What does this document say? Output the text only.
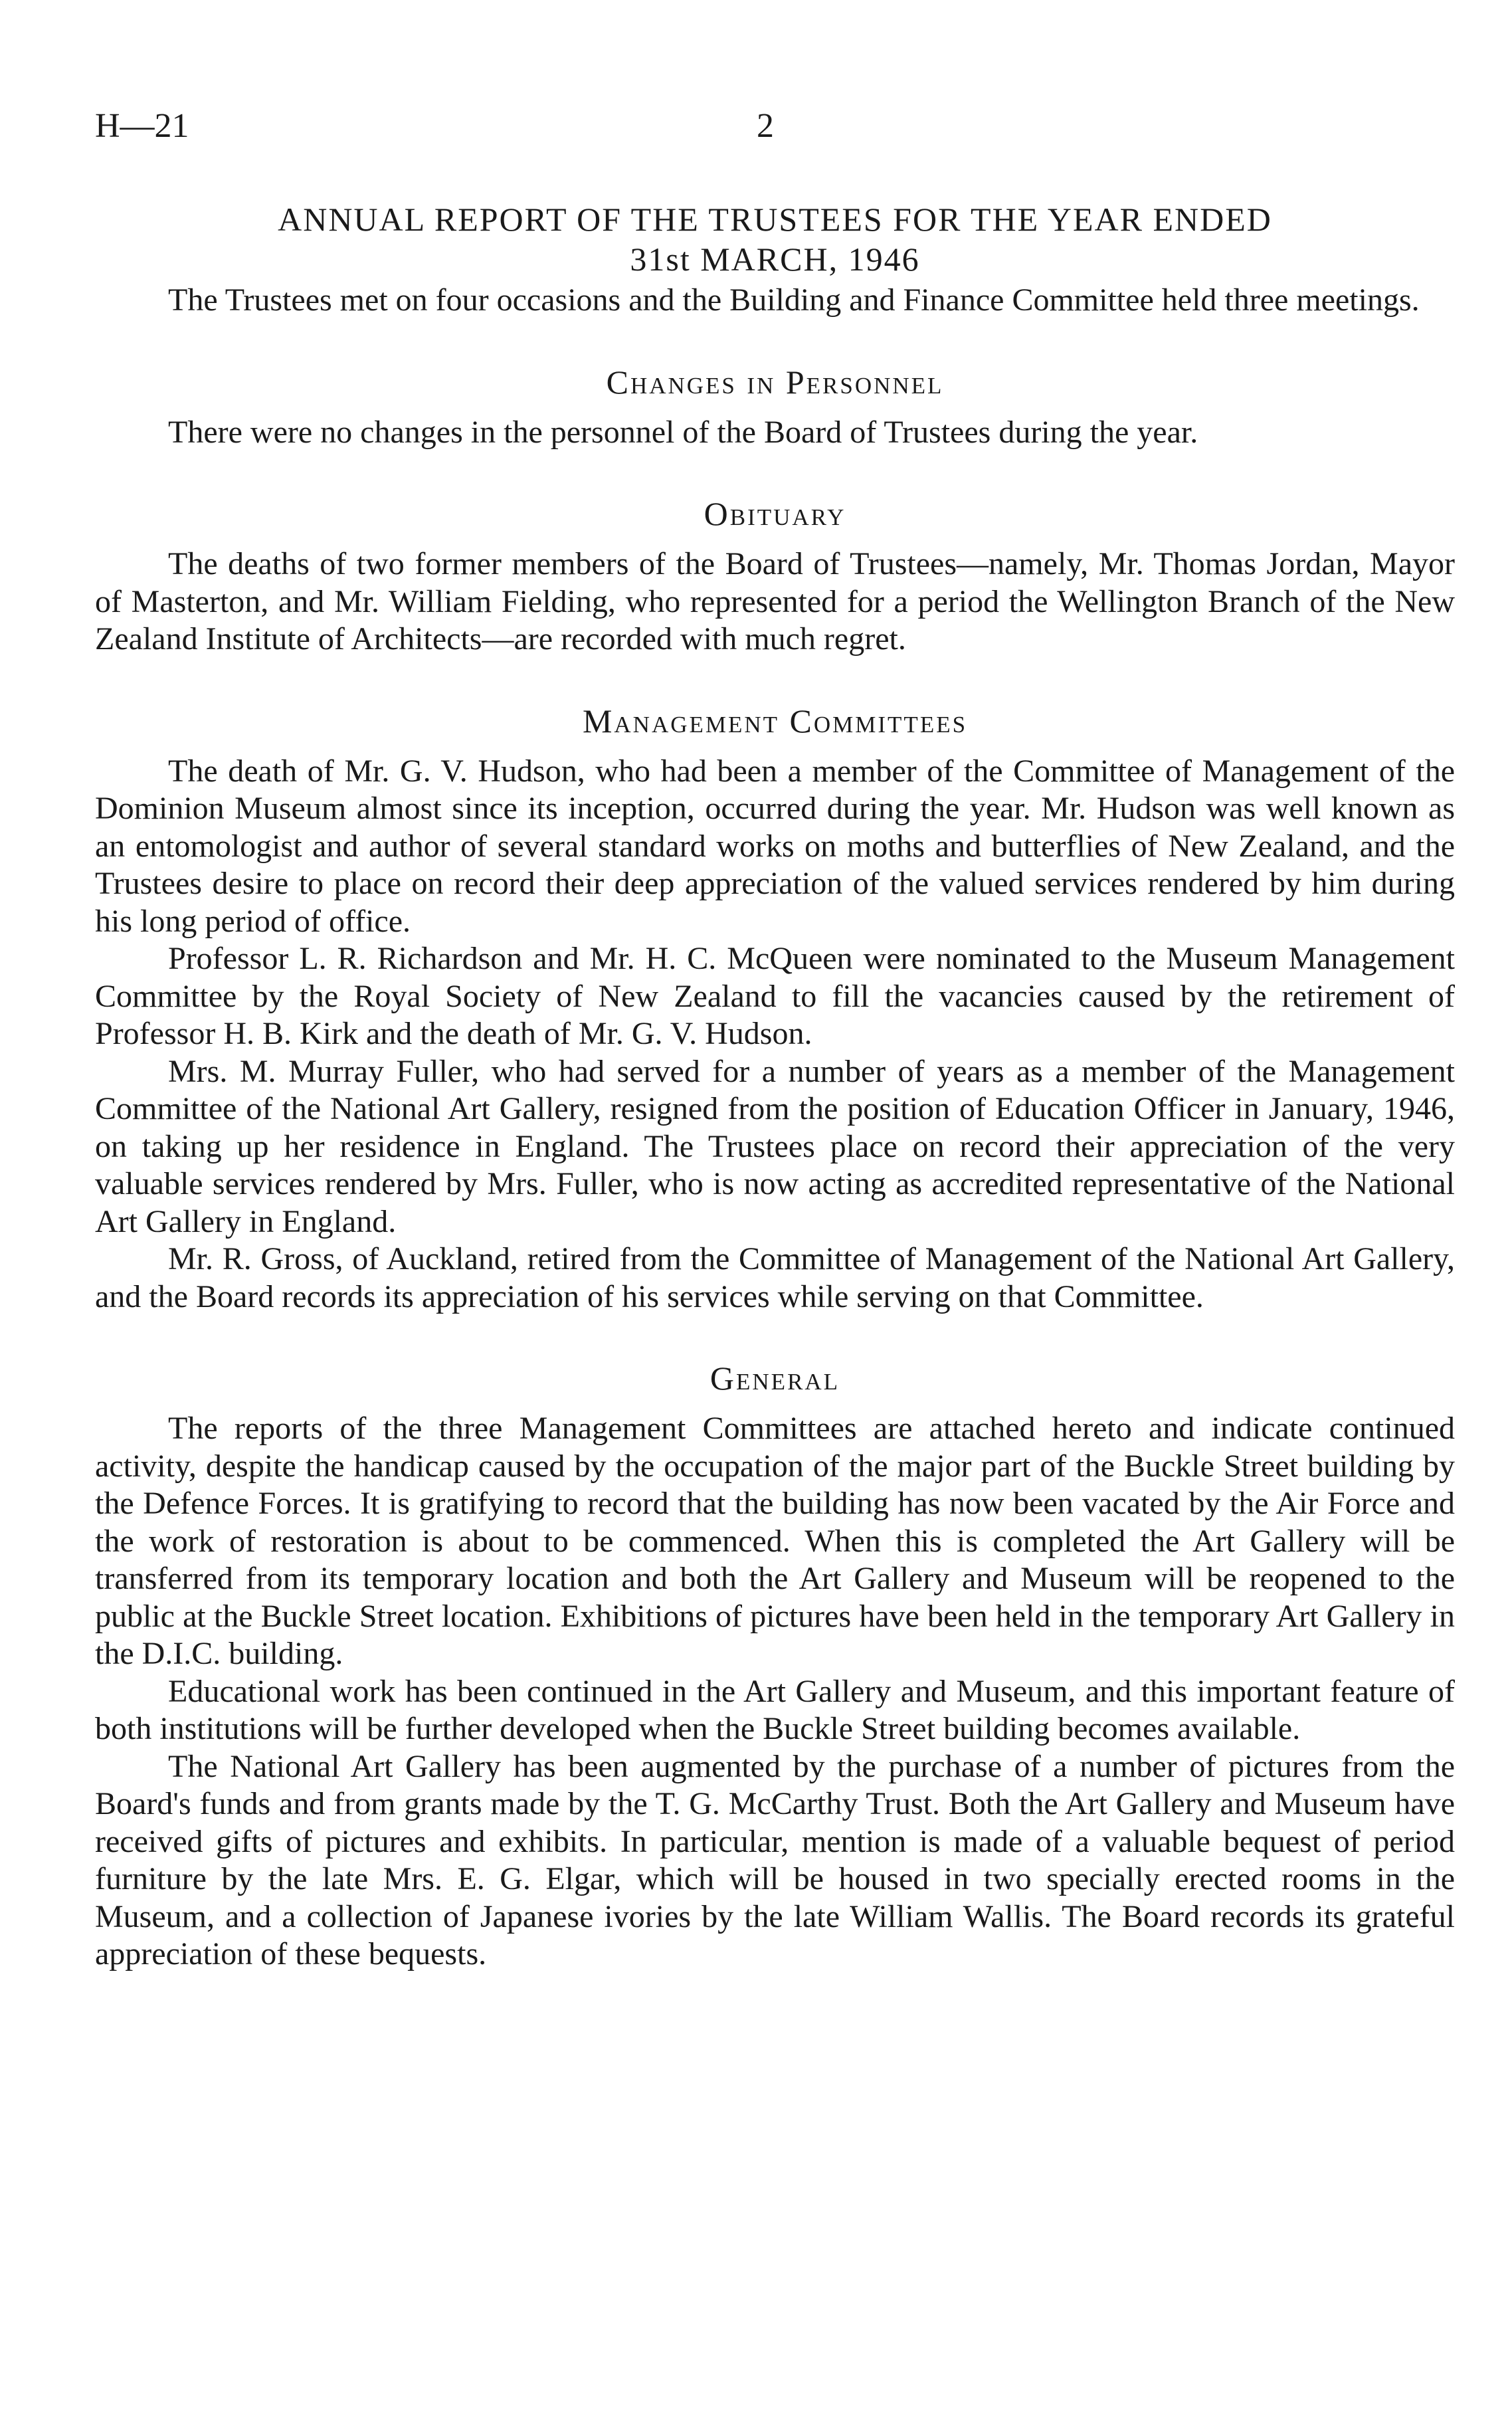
H—21	2
ANNUAL REPORT OF THE TRUSTEES FOR THE YEAR ENDED
31st MARCH, 1946

The Trustees met on four occasions and the Building and Finance Committee held three meetings.

Changes in Personnel

There were no changes in the personnel of the Board of Trustees during the year.

Obituary

The deaths of two former members of the Board of Trustees—namely, Mr. Thomas Jordan, Mayor of Masterton, and Mr. William Fielding, who represented for a period the Wellington Branch of the New Zealand Institute of Architects—are recorded with much regret.

Management Committees

The death of Mr. G. V. Hudson, who had been a member of the Committee of Management of the Dominion Museum almost since its inception, occurred during the year. Mr. Hudson was well known as an entomologist and author of several standard works on moths and butterflies of New Zealand, and the Trustees desire to place on record their deep appreciation of the valued services rendered by him during his long period of office.

Professor L. R. Richardson and Mr. H. C. McQueen were nominated to the Museum Management Committee by the Royal Society of New Zealand to fill the vacancies caused by the retirement of Professor H. B. Kirk and the death of Mr. G. V. Hudson.

Mrs. M. Murray Fuller, who had served for a number of years as a member of the Management Committee of the National Art Gallery, resigned from the position of Education Officer in January, 1946, on taking up her residence in England. The Trustees place on record their appreciation of the very valuable services rendered by Mrs. Fuller, who is now acting as accredited representative of the National Art Gallery in England.

Mr. R. Gross, of Auckland, retired from the Committee of Management of the National Art Gallery, and the Board records its appreciation of his services while serving on that Committee.

General

The reports of the three Management Committees are attached hereto and indicate continued activity, despite the handicap caused by the occupation of the major part of the Buckle Street building by the Defence Forces. It is gratifying to record that the building has now been vacated by the Air Force and the work of restoration is about to be commenced. When this is completed the Art Gallery will be transferred from its temporary location and both the Art Gallery and Museum will be reopened to the public at the Buckle Street location. Exhibitions of pictures have been held in the temporary Art Gallery in the D.I.C. building.

Educational work has been continued in the Art Gallery and Museum, and this important feature of both institutions will be further developed when the Buckle Street building becomes available.

The National Art Gallery has been augmented by the purchase of a number of pictures from the Board's funds and from grants made by the T. G. McCarthy Trust. Both the Art Gallery and Museum have received gifts of pictures and exhibits. In particular, mention is made of a valuable bequest of period furniture by the late Mrs. E. G. Elgar, which will be housed in two specially erected rooms in the Museum, and a collection of Japanese ivories by the late William Wallis. The Board records its grateful appreciation of these bequests.
